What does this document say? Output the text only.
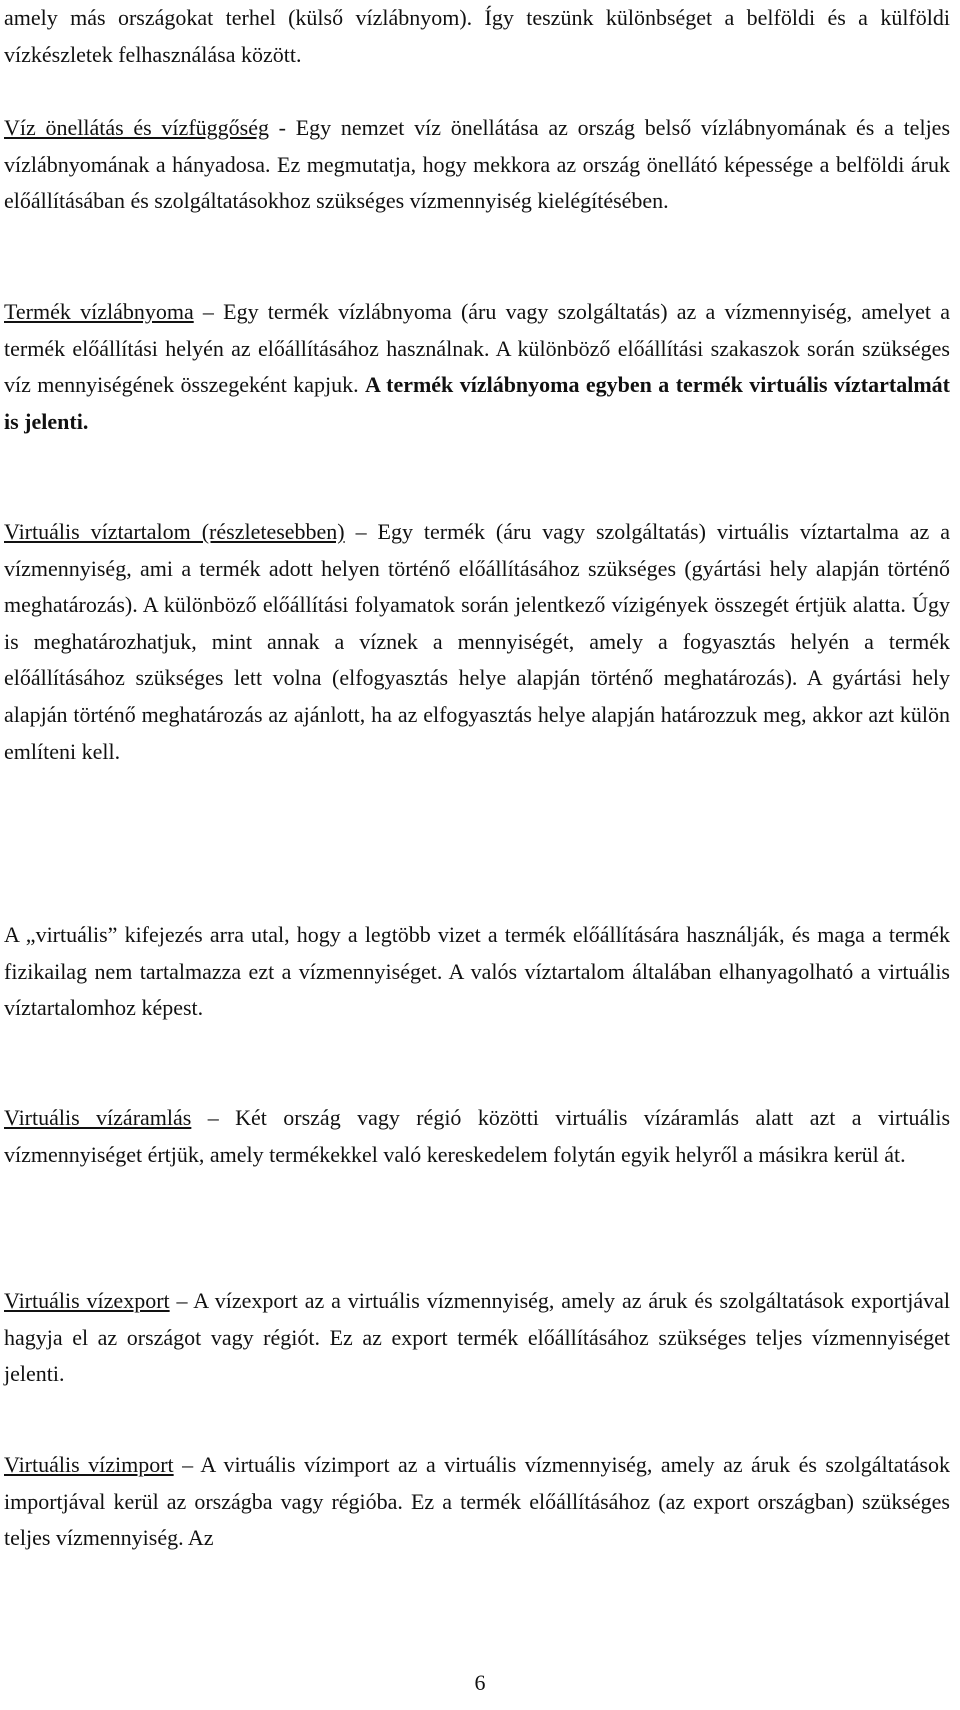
amely más országokat terhel (külső vízlábnyom). Így teszünk különbséget a belföldi és a külföldi vízkészletek felhasználása között.

Víz önellátás és vízfüggőség - Egy nemzet víz önellátása az ország belső vízlábnyomának és a teljes vízlábnyomának a hányadosa. Ez megmutatja, hogy mekkora az ország önellátó képessége a belföldi áruk előállításában és szolgáltatásokhoz szükséges vízmennyiség kielégítésében.

Termék vízlábnyoma – Egy termék vízlábnyoma (áru vagy szolgáltatás) az a vízmennyiség, amelyet a termék előállítási helyén az előállításához használnak. A különböző előállítási szakaszok során szükséges víz mennyiségének összegeként kapjuk. A termék vízlábnyoma egyben a termék virtuális víztartalmát is jelenti.

Virtuális víztartalom (részletesebben) – Egy termék (áru vagy szolgáltatás) virtuális víztartalma az a vízmennyiség, ami a termék adott helyen történő előállításához szükséges (gyártási hely alapján történő meghatározás). A különböző előállítási folyamatok során jelentkező vízigények összegét értjük alatta. Úgy is meghatározhatjuk, mint annak a víznek a mennyiségét, amely a fogyasztás helyén a termék előállításához szükséges lett volna (elfogyasztás helye alapján történő meghatározás). A gyártási hely alapján történő meghatározás az ajánlott, ha az elfogyasztás helye alapján határozzuk meg, akkor azt külön említeni kell.

A „virtuális” kifejezés arra utal, hogy a legtöbb vizet a termék előállítására használják, és maga a termék fizikailag nem tartalmazza ezt a vízmennyiséget. A valós víztartalom általában elhanyagolható a virtuális víztartalomhoz képest.

Virtuális vízáramlás – Két ország vagy régió közötti virtuális vízáramlás alatt azt a virtuális vízmennyiséget értjük, amely termékekkel való kereskedelem folytán egyik helyről a másikra kerül át.

Virtuális vízexport – A vízexport az a virtuális vízmennyiség, amely az áruk és szolgáltatások exportjával hagyja el az országot vagy régiót. Ez az export termék előállításához szükséges teljes vízmennyiséget jelenti.

Virtuális vízimport – A virtuális vízimport az a virtuális vízmennyiség, amely az áruk és szolgáltatások importjával kerül az országba vagy régióba. Ez a termék előállításához (az export országban) szükséges teljes vízmennyiség. Az

6
